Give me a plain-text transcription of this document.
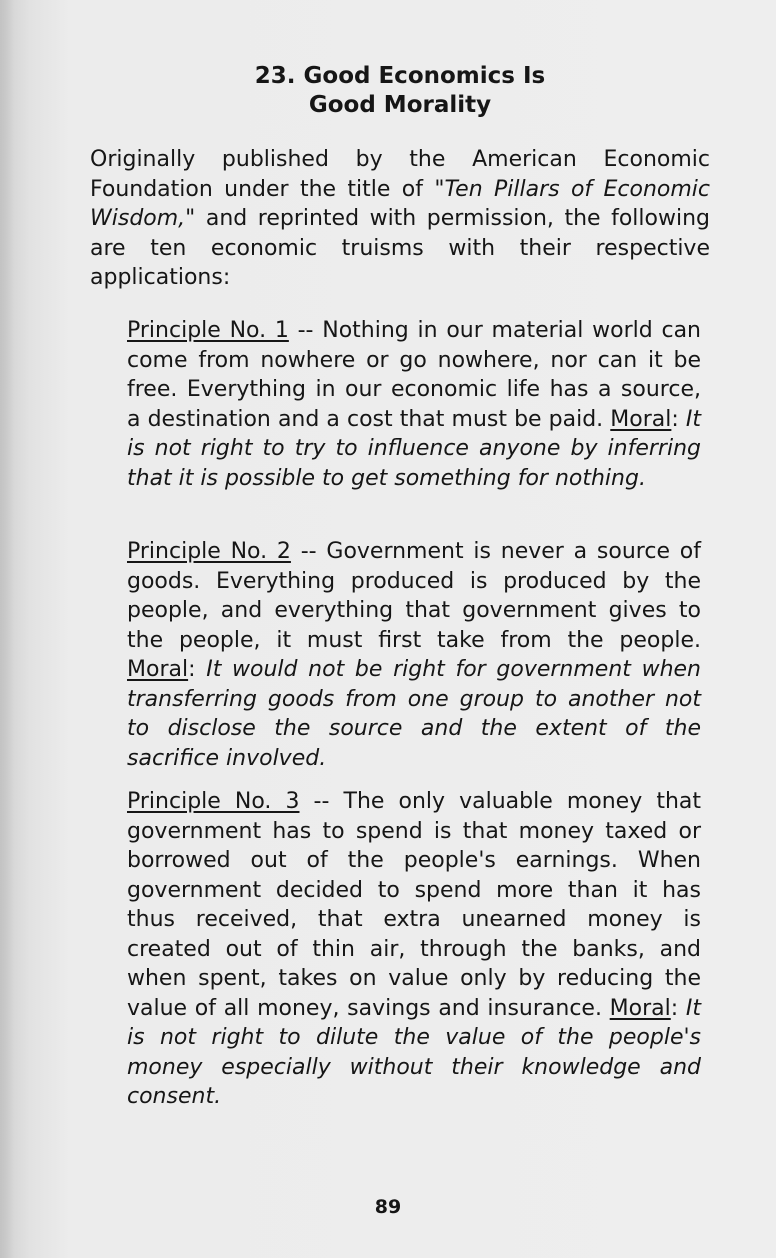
23. Good Economics Is
Good Morality

Originally published by the American Economic Foundation under the title of "Ten Pillars of Economic Wisdom," and reprinted with permission, the following are ten economic truisms with their respective applications:

Principle No. 1 -- Nothing in our material world can come from nowhere or go nowhere, nor can it be free. Everything in our economic life has a source, a destination and a cost that must be paid. Moral: It is not right to try to influence anyone by inferring that it is possible to get something for nothing.

Principle No. 2 -- Government is never a source of goods. Everything produced is produced by the people, and everything that government gives to the people, it must first take from the people. Moral: It would not be right for government when transferring goods from one group to another not to disclose the source and the extent of the sacrifice involved.

Principle No. 3 -- The only valuable money that government has to spend is that money taxed or borrowed out of the people's earnings. When government decided to spend more than it has thus received, that extra unearned money is created out of thin air, through the banks, and when spent, takes on value only by reducing the value of all money, savings and insurance. Moral: It is not right to dilute the value of the people's money especially without their knowledge and consent.

89
